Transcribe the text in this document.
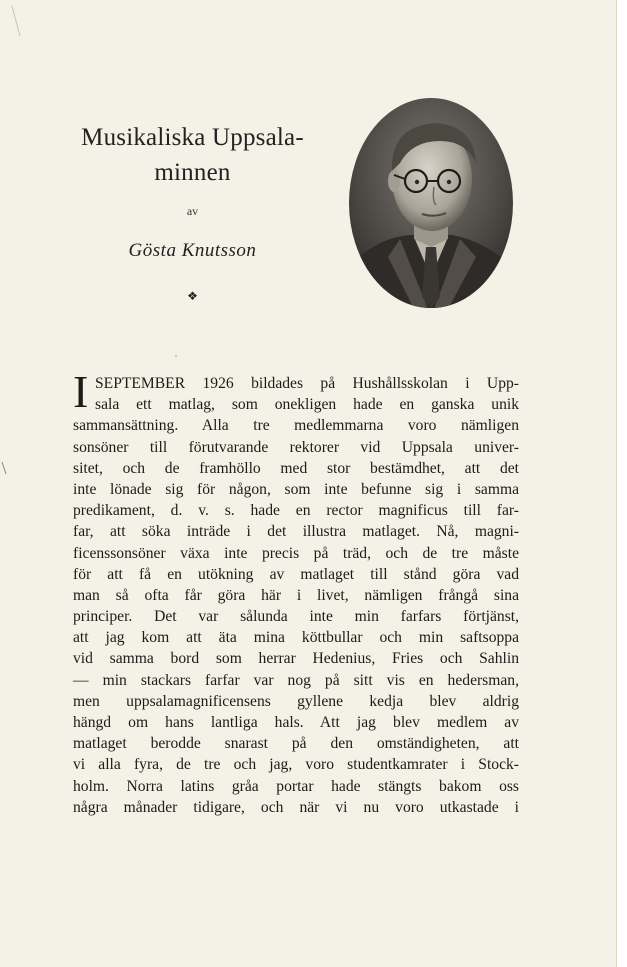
Musikaliska Uppsala-
minnen
av
Gösta Knutsson
❖
I SEPTEMBER 1926 bildades på Hushållsskolan i Upp-
sala ett matlag, som onekligen hade en ganska unik
sammansättning. Alla tre medlemmarna voro nämligen
sonsöner till förutvarande rektorer vid Uppsala univer-
sitet, och de framhöllo med stor bestämdhet, att det
inte lönade sig för någon, som inte befunne sig i samma
predikament, d. v. s. hade en rector magnificus till far-
far, att söka inträde i det illustra matlaget. Nå, magni-
ficenssonsöner växa inte precis på träd, och de tre måste
för att få en utökning av matlaget till stånd göra vad
man så ofta får göra här i livet, nämligen frångå sina
principer. Det var sålunda inte min farfars förtjänst,
att jag kom att äta mina köttbullar och min saftsoppa
vid samma bord som herrar Hedenius, Fries och Sahlin
— min stackars farfar var nog på sitt vis en hedersman,
men uppsalamagnificensens gyllene kedja blev aldrig
hängd om hans lantliga hals. Att jag blev medlem av
matlaget berodde snarast på den omständigheten, att
vi alla fyra, de tre och jag, voro studentkamrater i Stock-
holm. Norra latins gråa portar hade stängts bakom oss
några månader tidigare, och när vi nu voro utkastade i
